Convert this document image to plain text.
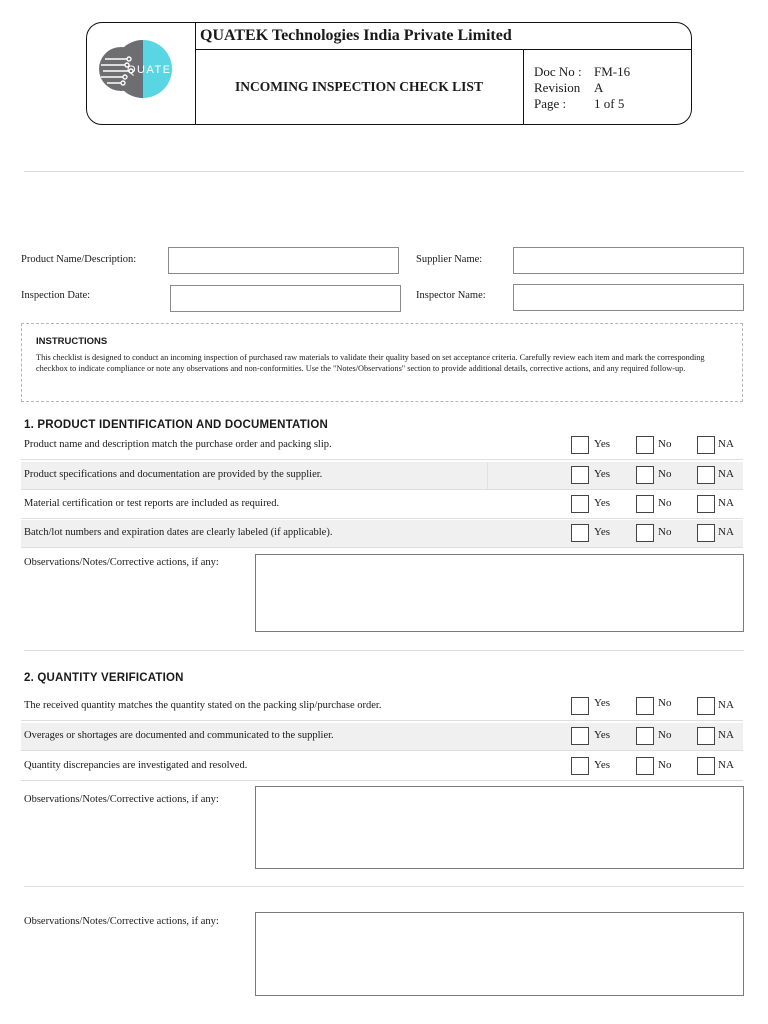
QUATEK
QUATEK Technologies India Private Limited
INCOMING INSPECTION CHECK LIST
Doc No : FM-16
Revision A
Page : 1 of 5
Product Name/Description:	Supplier Name:
Inspection Date:	Inspector Name:
INSTRUCTIONS
This checklist is designed to conduct an incoming inspection of purchased raw materials to validate their quality based on set acceptance criteria. Carefully review each item and mark the corresponding checkbox to indicate compliance or note any observations and non-conformities. Use the "Notes/Observations" section to provide additional details, corrective actions, and any required follow-up.
1. PRODUCT IDENTIFICATION AND DOCUMENTATION
Product name and description match the purchase order and packing slip.	Yes	No	NA
Product specifications and documentation are provided by the supplier.	Yes	No	NA
Material certification or test reports are included as required.	Yes	No	NA
Batch/lot numbers and expiration dates are clearly labeled (if applicable).	Yes	No	NA
Observations/Notes/Corrective actions, if any:
2. QUANTITY VERIFICATION
The received quantity matches the quantity stated on the packing slip/purchase order.	Yes	No	NA
Overages or shortages are documented and communicated to the supplier.	Yes	No	NA
Quantity discrepancies are investigated and resolved.	Yes	No	NA
Observations/Notes/Corrective actions, if any:
Observations/Notes/Corrective actions, if any:
